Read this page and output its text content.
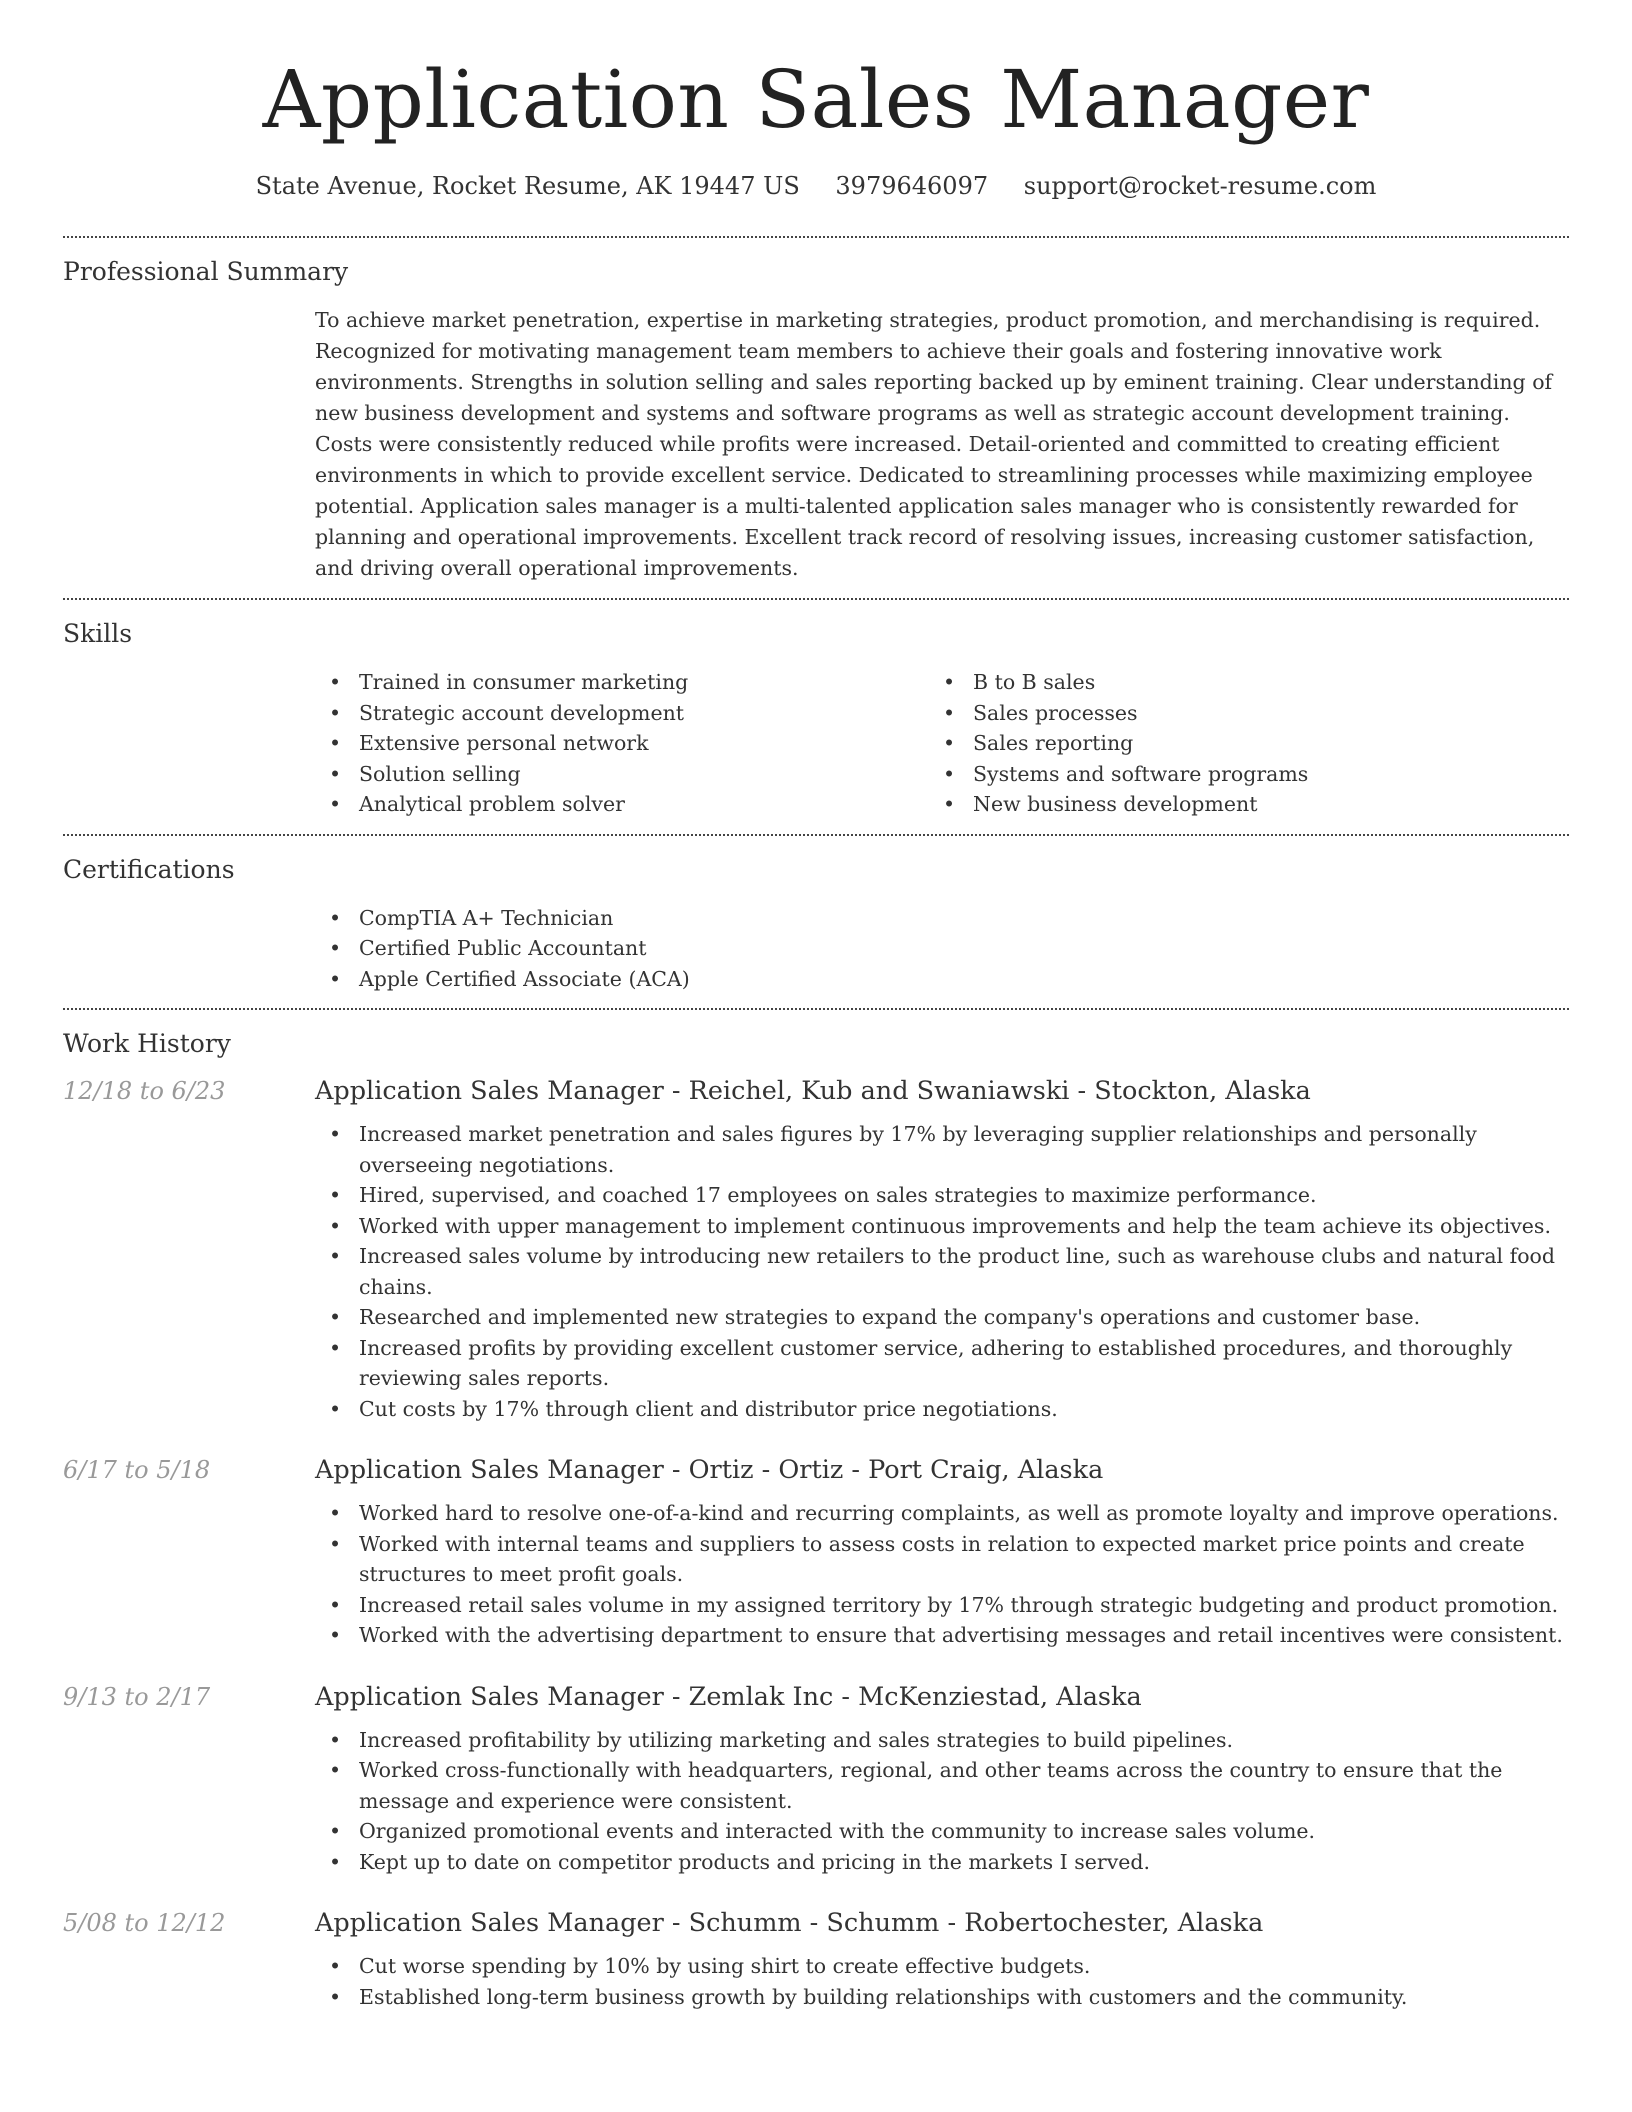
Application Sales Manager
State Avenue, Rocket Resume, AK 19447 US 3979646097 support@rocket-resume.com
Professional Summary

To achieve market penetration, expertise in marketing strategies, product promotion, and merchandising is required. Recognized for motivating management team members to achieve their goals and fostering innovative work environments. Strengths in solution selling and sales reporting backed up by eminent training. Clear understanding of new business development and systems and software programs as well as strategic account development training. Costs were consistently reduced while profits were increased. Detail-oriented and committed to creating efficient environments in which to provide excellent service. Dedicated to streamlining processes while maximizing employee potential. Application sales manager is a multi-talented application sales manager who is consistently rewarded for planning and operational improvements. Excellent track record of resolving issues, increasing customer satisfaction, and driving overall operational improvements.

Skills
• Trained in consumer marketing
• Strategic account development
• Extensive personal network
• Solution selling
• Analytical problem solver
• B to B sales
• Sales processes
• Sales reporting
• Systems and software programs
• New business development
Certifications
• CompTIA A+ Technician
• Certified Public Accountant
• Apple Certified Associate (ACA)
Work History
12/18 to 6/23	Application Sales Manager - Reichel, Kub and Swaniawski - Stockton, Alaska
• Increased market penetration and sales figures by 17% by leveraging supplier relationships and personally overseeing negotiations.
• Hired, supervised, and coached 17 employees on sales strategies to maximize performance.
• Worked with upper management to implement continuous improvements and help the team achieve its objectives.
• Increased sales volume by introducing new retailers to the product line, such as warehouse clubs and natural food chains.
• Researched and implemented new strategies to expand the company's operations and customer base.
• Increased profits by providing excellent customer service, adhering to established procedures, and thoroughly reviewing sales reports.
• Cut costs by 17% through client and distributor price negotiations.
6/17 to 5/18	Application Sales Manager - Ortiz - Ortiz - Port Craig, Alaska
• Worked hard to resolve one-of-a-kind and recurring complaints, as well as promote loyalty and improve operations.
• Worked with internal teams and suppliers to assess costs in relation to expected market price points and create structures to meet profit goals.
• Increased retail sales volume in my assigned territory by 17% through strategic budgeting and product promotion.
• Worked with the advertising department to ensure that advertising messages and retail incentives were consistent.
9/13 to 2/17	Application Sales Manager - Zemlak Inc - McKenziestad, Alaska
• Increased profitability by utilizing marketing and sales strategies to build pipelines.
• Worked cross-functionally with headquarters, regional, and other teams across the country to ensure that the message and experience were consistent.
• Organized promotional events and interacted with the community to increase sales volume.
• Kept up to date on competitor products and pricing in the markets I served.
5/08 to 12/12	Application Sales Manager - Schumm - Schumm - Robertochester, Alaska
• Cut worse spending by 10% by using shirt to create effective budgets.
• Established long-term business growth by building relationships with customers and the community.
